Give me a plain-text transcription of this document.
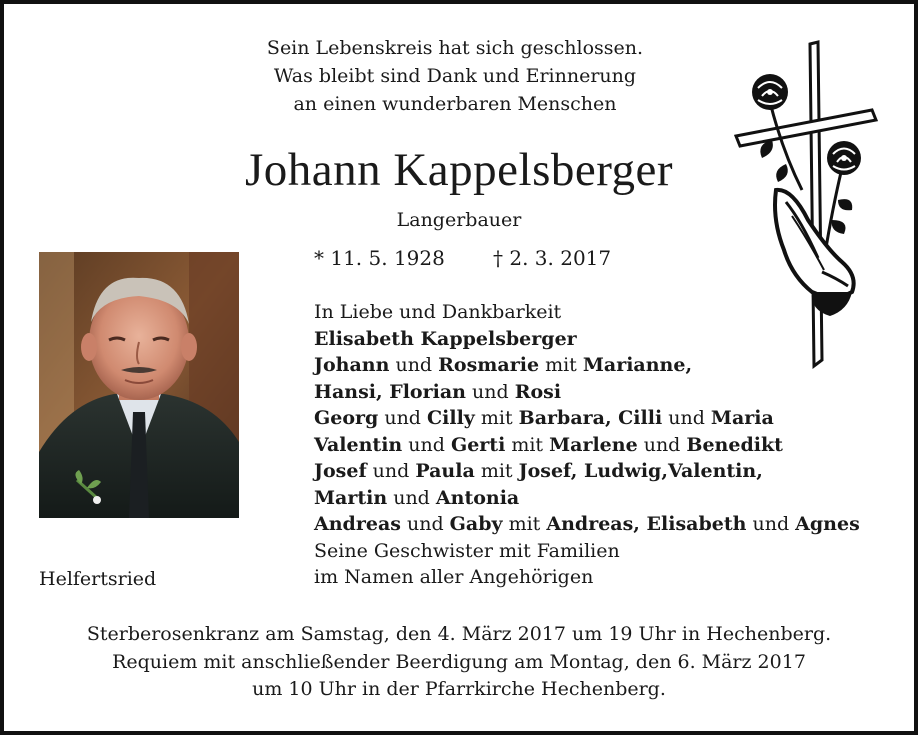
Sein Lebenskreis hat sich geschlossen.
Was bleibt sind Dank und Erinnerung
an einen wunderbaren Menschen
Johann Kappelsberger
Langerbauer
* 11. 5. 1928 † 2. 3. 2017
In Liebe und Dankbarkeit
Elisabeth Kappelsberger
Johann und Rosmarie mit Marianne,
Hansi, Florian und Rosi
Georg und Cilly mit Barbara, Cilli und Maria
Valentin und Gerti mit Marlene und Benedikt
Josef und Paula mit Josef, Ludwig,Valentin,
Martin und Antonia
Andreas und Gaby mit Andreas, Elisabeth und Agnes
Seine Geschwister mit Familien
im Namen aller Angehörigen
Helfertsried
Sterberosenkranz am Samstag, den 4. März 2017 um 19 Uhr in Hechenberg.
Requiem mit anschließender Beerdigung am Montag, den 6. März 2017
um 10 Uhr in der Pfarrkirche Hechenberg.
